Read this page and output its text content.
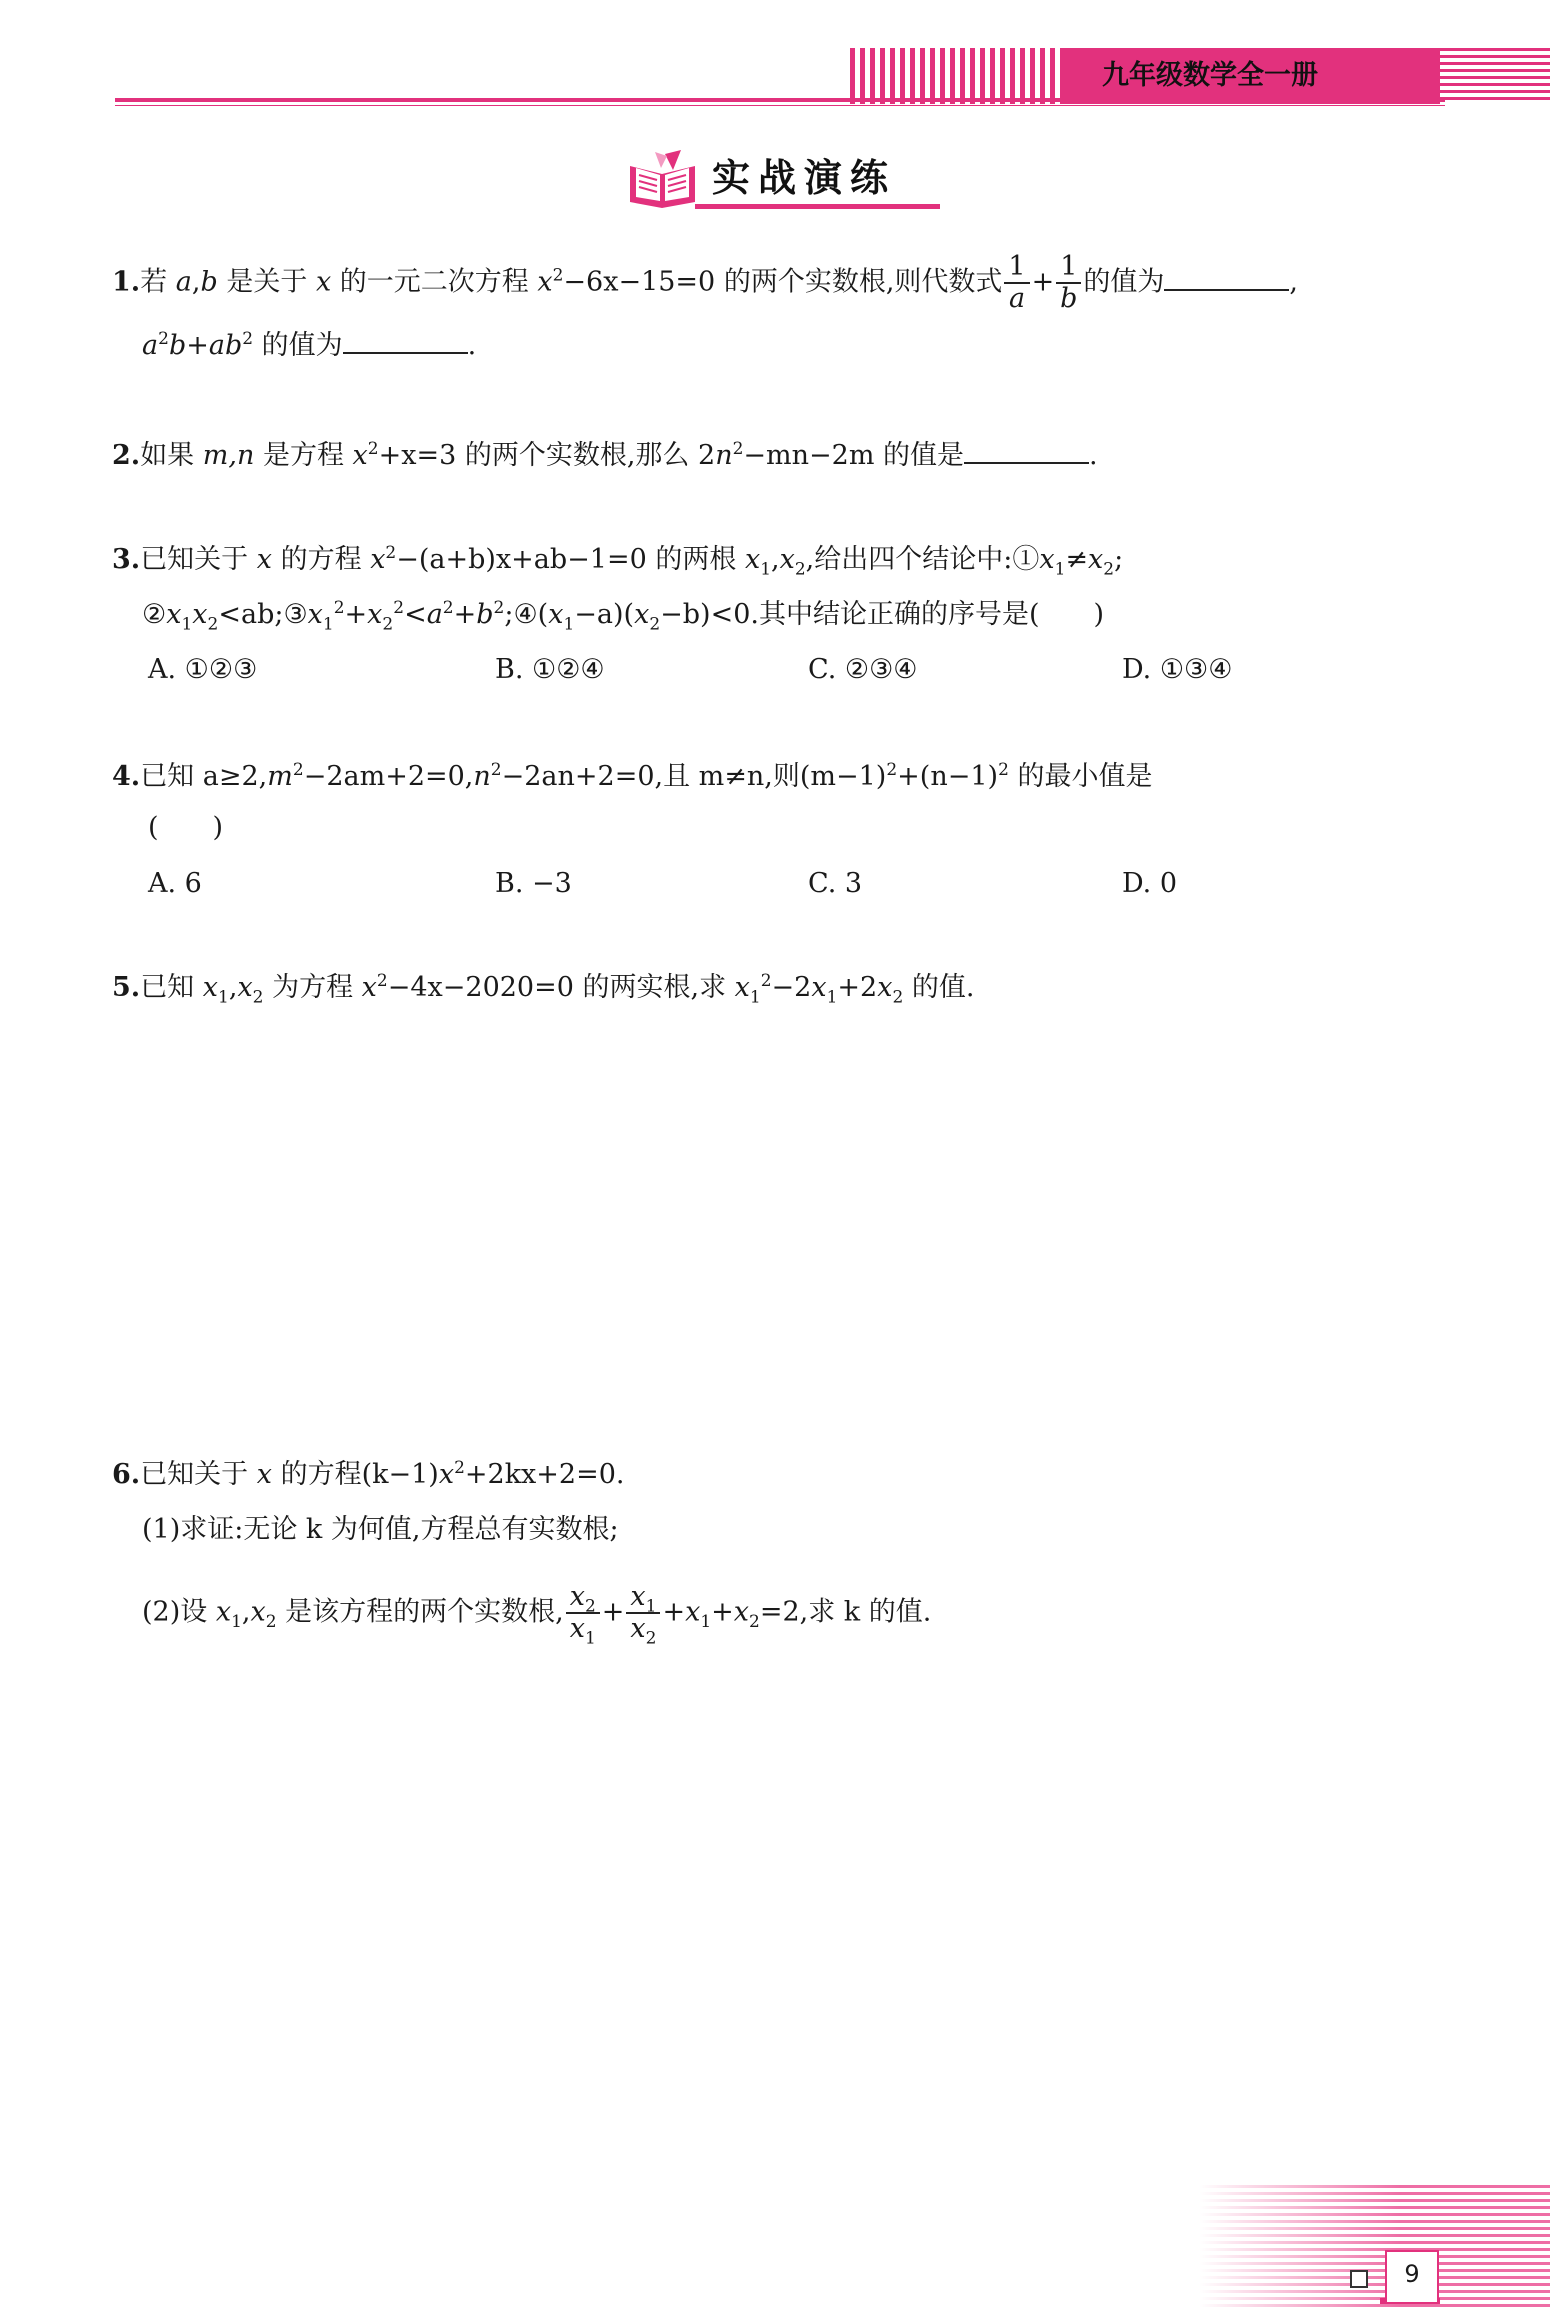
九年级数学全一册
实战演练
1.若 a,b 是关于 x 的一元二次方程 $x^2-6x-15=0$ 的两个实数根,则代数式 $\frac{1}{a} + \frac{1}{b}$ 的值为	,
$a^2b+ab^2$ 的值为	.
2.如果 m,n 是方程 $x^2+x=3$ 的两个实数根,那么 $2n^2-mn-2m$ 的值是	.
3.已知关于 x 的方程 $x^2-(a+b)x+ab-1=0$ 的两根 $x_1,x_2$,给出四个结论中$:①x_1\ne x_2$;
$②x_1x_2<ab;③x_1^2+x_2^2<a^2+b^2;④(x_1-a)(x_2-b)<0$.其中结论正确的序号是(　　)
A. ①②③	B. ①②④	C. ②③④	D. ①③④
4.已知 $a\ge 2,m^2-2am+2=0,n^2-2an+2=0$,且 m≠n,则$(m-1)^2+(n-1)^2$ 的最小值是
(　　)
A. 6	B. −3	C. 3	D. 0
5.已知 $x_1,x_2$ 为方程 $x^2-4x-2020=0$ 的两实根,求 $x_1^2-2x_1+2x_2$ 的值.
6.已知关于 x 的方程$(k-1)x^2+2kx+2=0$.
(1)求证:无论 k 为何值,方程总有实数根;
(2)设 $x_1,x_2$ 是该方程的两个实数根, $\frac{x_2}{x_1} + \frac{x_1}{x_2} +x_1+x_2=2$,求 k 的值.
9
